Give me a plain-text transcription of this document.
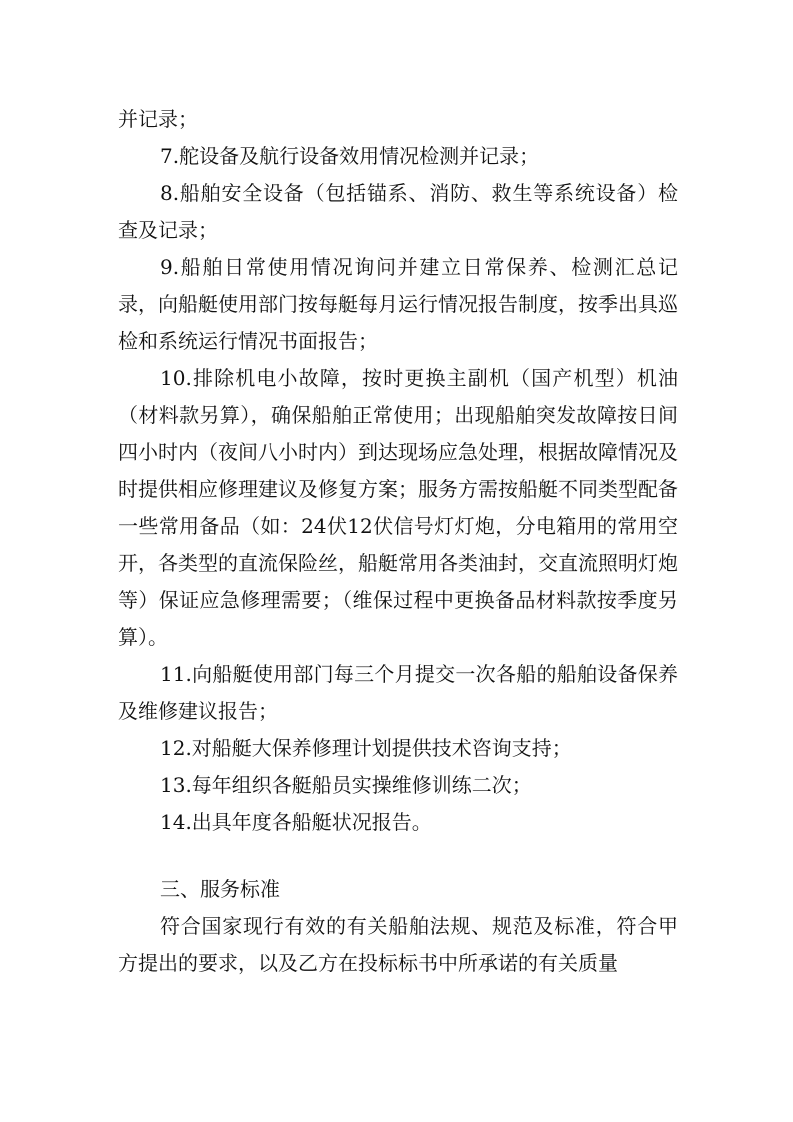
并记录；

7.舵设备及航行设备效用情况检测并记录；

8.船舶安全设备（包括锚系、消防、救生等系统设备）检查及记录；

9.船舶日常使用情况询问并建立日常保养、检测汇总记录，向船艇使用部门按每艇每月运行情况报告制度，按季出具巡检和系统运行情况书面报告；

10.排除机电小故障，按时更换主副机（国产机型）机油（材料款另算），确保船舶正常使用；出现船舶突发故障按日间四小时内（夜间八小时内）到达现场应急处理，根据故障情况及时提供相应修理建议及修复方案；服务方需按船艇不同类型配备一些常用备品（如：24伏12伏信号灯灯炮，分电箱用的常用空开，各类型的直流保险丝，船艇常用各类油封，交直流照明灯炮等）保证应急修理需要；（维保过程中更换备品材料款按季度另算）。

11.向船艇使用部门每三个月提交一次各船的船舶设备保养及维修建议报告；

12.对船艇大保养修理计划提供技术咨询支持；

13.每年组织各艇船员实操维修训练二次；

14.出具年度各船艇状况报告。

三、服务标准

符合国家现行有效的有关船舶法规、规范及标准，符合甲方提出的要求，以及乙方在投标标书中所承诺的有关质量
